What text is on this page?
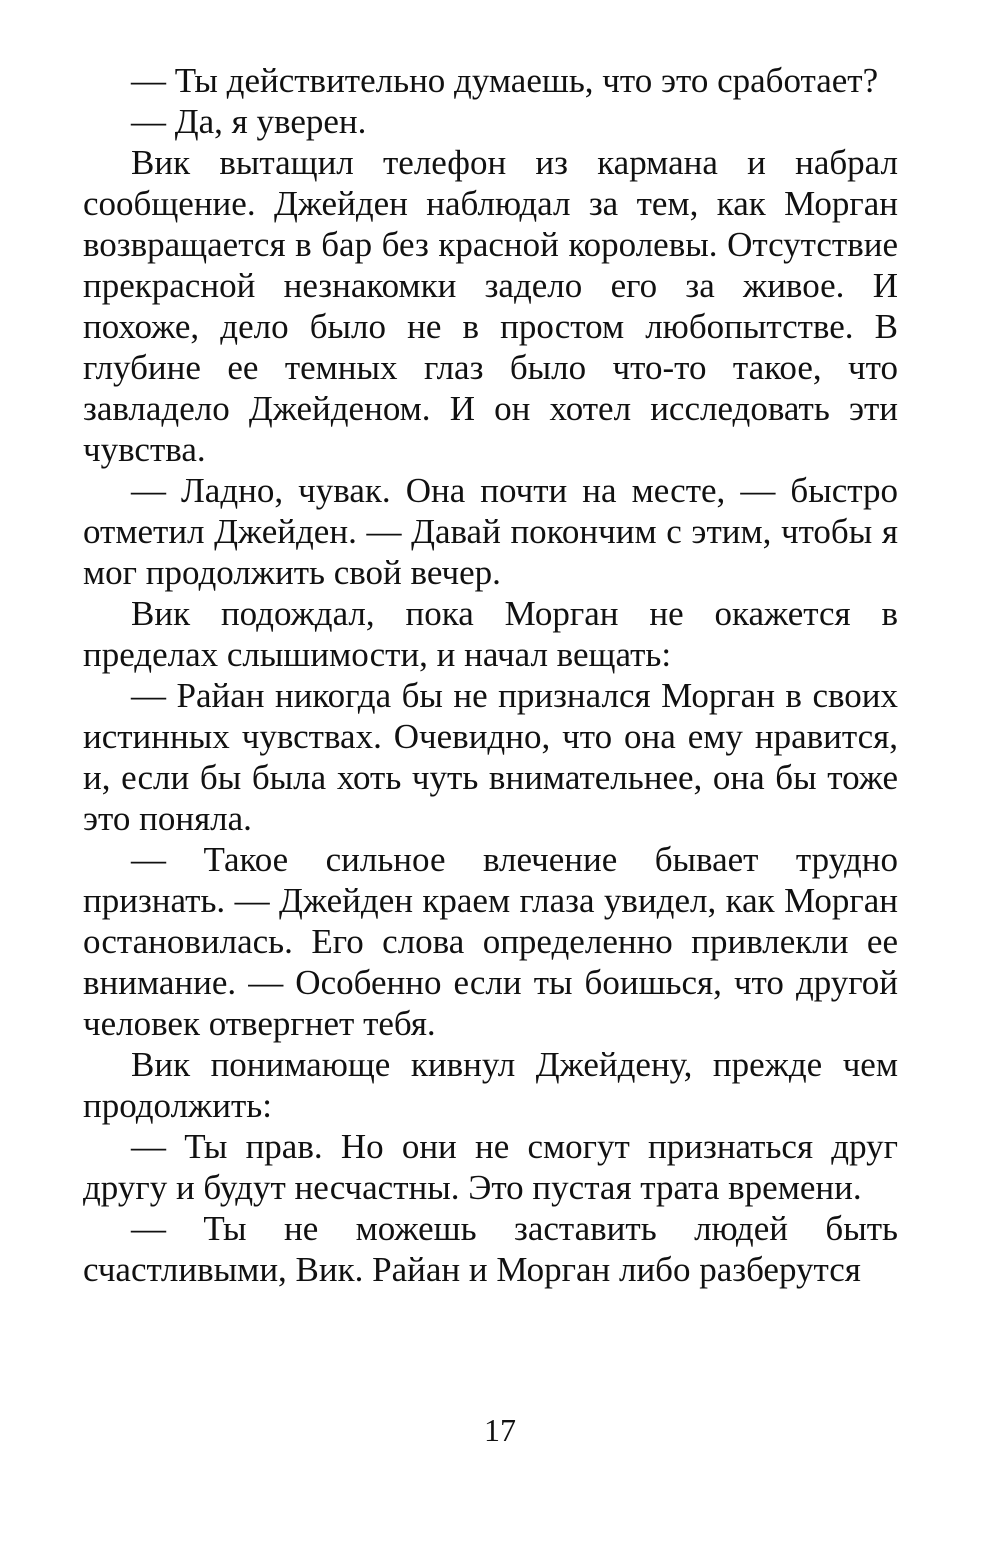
— Ты действительно думаешь, что это сработает?

— Да, я уверен.

Вик вытащил телефон из кармана и набрал сообщение. Джейден наблюдал за тем, как Морган возвращается в бар без красной королевы. Отсутствие прекрасной незнакомки задело его за живое. И похоже, дело было не в простом любопытстве. В глубине ее темных глаз было что-то такое, что завладело Джейденом. И он хотел исследовать эти чувства.

— Ладно, чувак. Она почти на месте, — быстро отметил Джейден. — Давай покончим с этим, чтобы я мог продолжить свой вечер.

Вик подождал, пока Морган не окажется в пределах слышимости, и начал вещать:

— Райан никогда бы не признался Морган в своих истинных чувствах. Очевидно, что она ему нравится, и, если бы была хоть чуть внимательнее, она бы тоже это поняла.

— Такое сильное влечение бывает трудно признать. — Джейден краем глаза увидел, как Морган остановилась. Его слова определенно привлекли ее внимание. — Особенно если ты боишься, что другой человек отвергнет тебя.

Вик понимающе кивнул Джейдену, прежде чем продолжить:

— Ты прав. Но они не смогут признаться друг другу и будут несчастны. Это пустая трата времени.

— Ты не можешь заставить людей быть счастливыми, Вик. Райан и Морган либо разберутся

17
